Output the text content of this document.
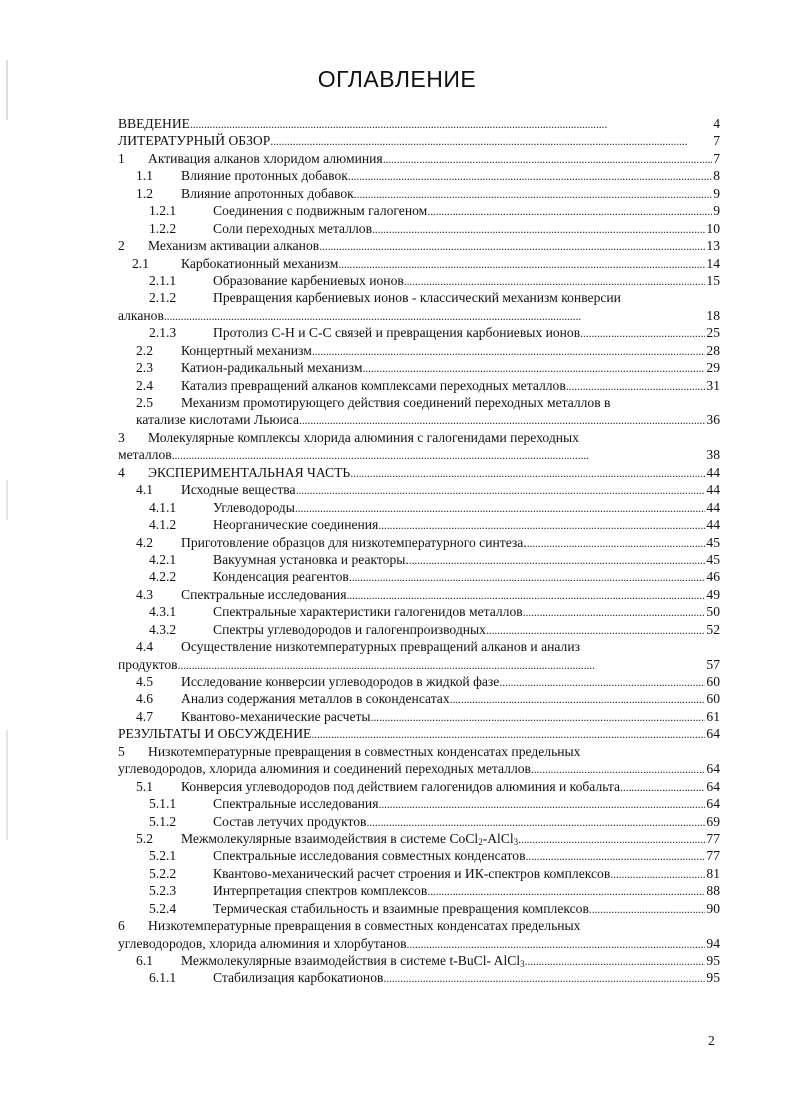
ОГЛАВЛЕНИЕ
ВВЕДЕНИЕ . . .	4
ЛИТЕРАТУРНЫЙ ОБЗОР . . .	7
1	Активация алканов хлоридом алюминия . . .	7
1.1	Влияние протонных добавок . . .	8
1.2	Влияние апротонных добавок . . .	9
1.2.1	Соединения с подвижным галогеном . . .	9
1.2.2	Соли переходных металлов . . .	10
2	Механизм активации алканов . . .	13
2.1	Карбокатионный механизм . . .	14
2.1.1	Образование карбениевых ионов . . .	15
2.1.2	Превращения карбениевых ионов - классический механизм конверсии
алканов . . .	18
2.1.3	Протолиз С-Н и С-С связей и превращения карбониевых ионов . . .	25
2.2	Концертный механизм . . .	28
2.3	Катион-радикальный механизм . . .	29
2.4	Катализ превращений алканов комплексами переходных металлов . . .	31
2.5	Механизм промотирующего действия соединений переходных металлов в
катализе кислотами Льюиса . . .	36
3	Молекулярные комплексы хлорида алюминия с галогенидами переходных
металлов . . .	38
4	ЭКСПЕРИМЕНТАЛЬНАЯ ЧАСТЬ . . .	44
4.1	Исходные вещества . . .	44
4.1.1	Углеводороды . . .	44
4.1.2	Неорганические соединения . . .	44
4.2	Приготовление образцов для низкотемпературного синтеза. . . .	45
4.2.1	Вакуумная установка и реакторы. . . .	45
4.2.2	Конденсация реагентов . . .	46
4.3	Спектральные исследования . . .	49
4.3.1	Спектральные характеристики галогенидов металлов . . .	50
4.3.2	Спектры углеводородов и галогенпроизводных . . .	52
4.4	Осуществление низкотемпературных превращений алканов и анализ
продуктов . . .	57
4.5	Исследование конверсии углеводородов в жидкой фазе . . .	60
4.6	Анализ содержания металлов в соконденсатах . . .	60
4.7	Квантово-механические расчеты . . .	61
РЕЗУЛЬТАТЫ И ОБСУЖДЕНИЕ . . .	64
5	Низкотемпературные превращения в совместных конденсатах предельных
углеводородов, хлорида алюминия и соединений переходных металлов . . .	64
5.1	Конверсия углеводородов под действием галогенидов алюминия и кобальта . . .	64
5.1.1	Спектральные исследования . . .	64
5.1.2	Состав летучих продуктов . . .	69
5.2	Межмолекулярные взаимодействия в системе CoCl$_2$-AlCl$_3$ . . .	77
5.2.1	Спектральные исследования совместных конденсатов . . .	77
5.2.2	Квантово-механический расчет строения и ИК-спектров комплексов . . .	81
5.2.3	Интерпретация спектров комплексов . . .	88
5.2.4	Термическая стабильность и взаимные превращения комплексов . . .	90
6	Низкотемпературные превращения в совместных конденсатах предельных
углеводородов, хлорида алюминия и хлорбутанов . . .	94
6.1	Межмолекулярные взаимодействия в системе t-BuCl- AlCl$_3$ . . .	95
6.1.1	Стабилизация карбокатионов . . .	95
2
